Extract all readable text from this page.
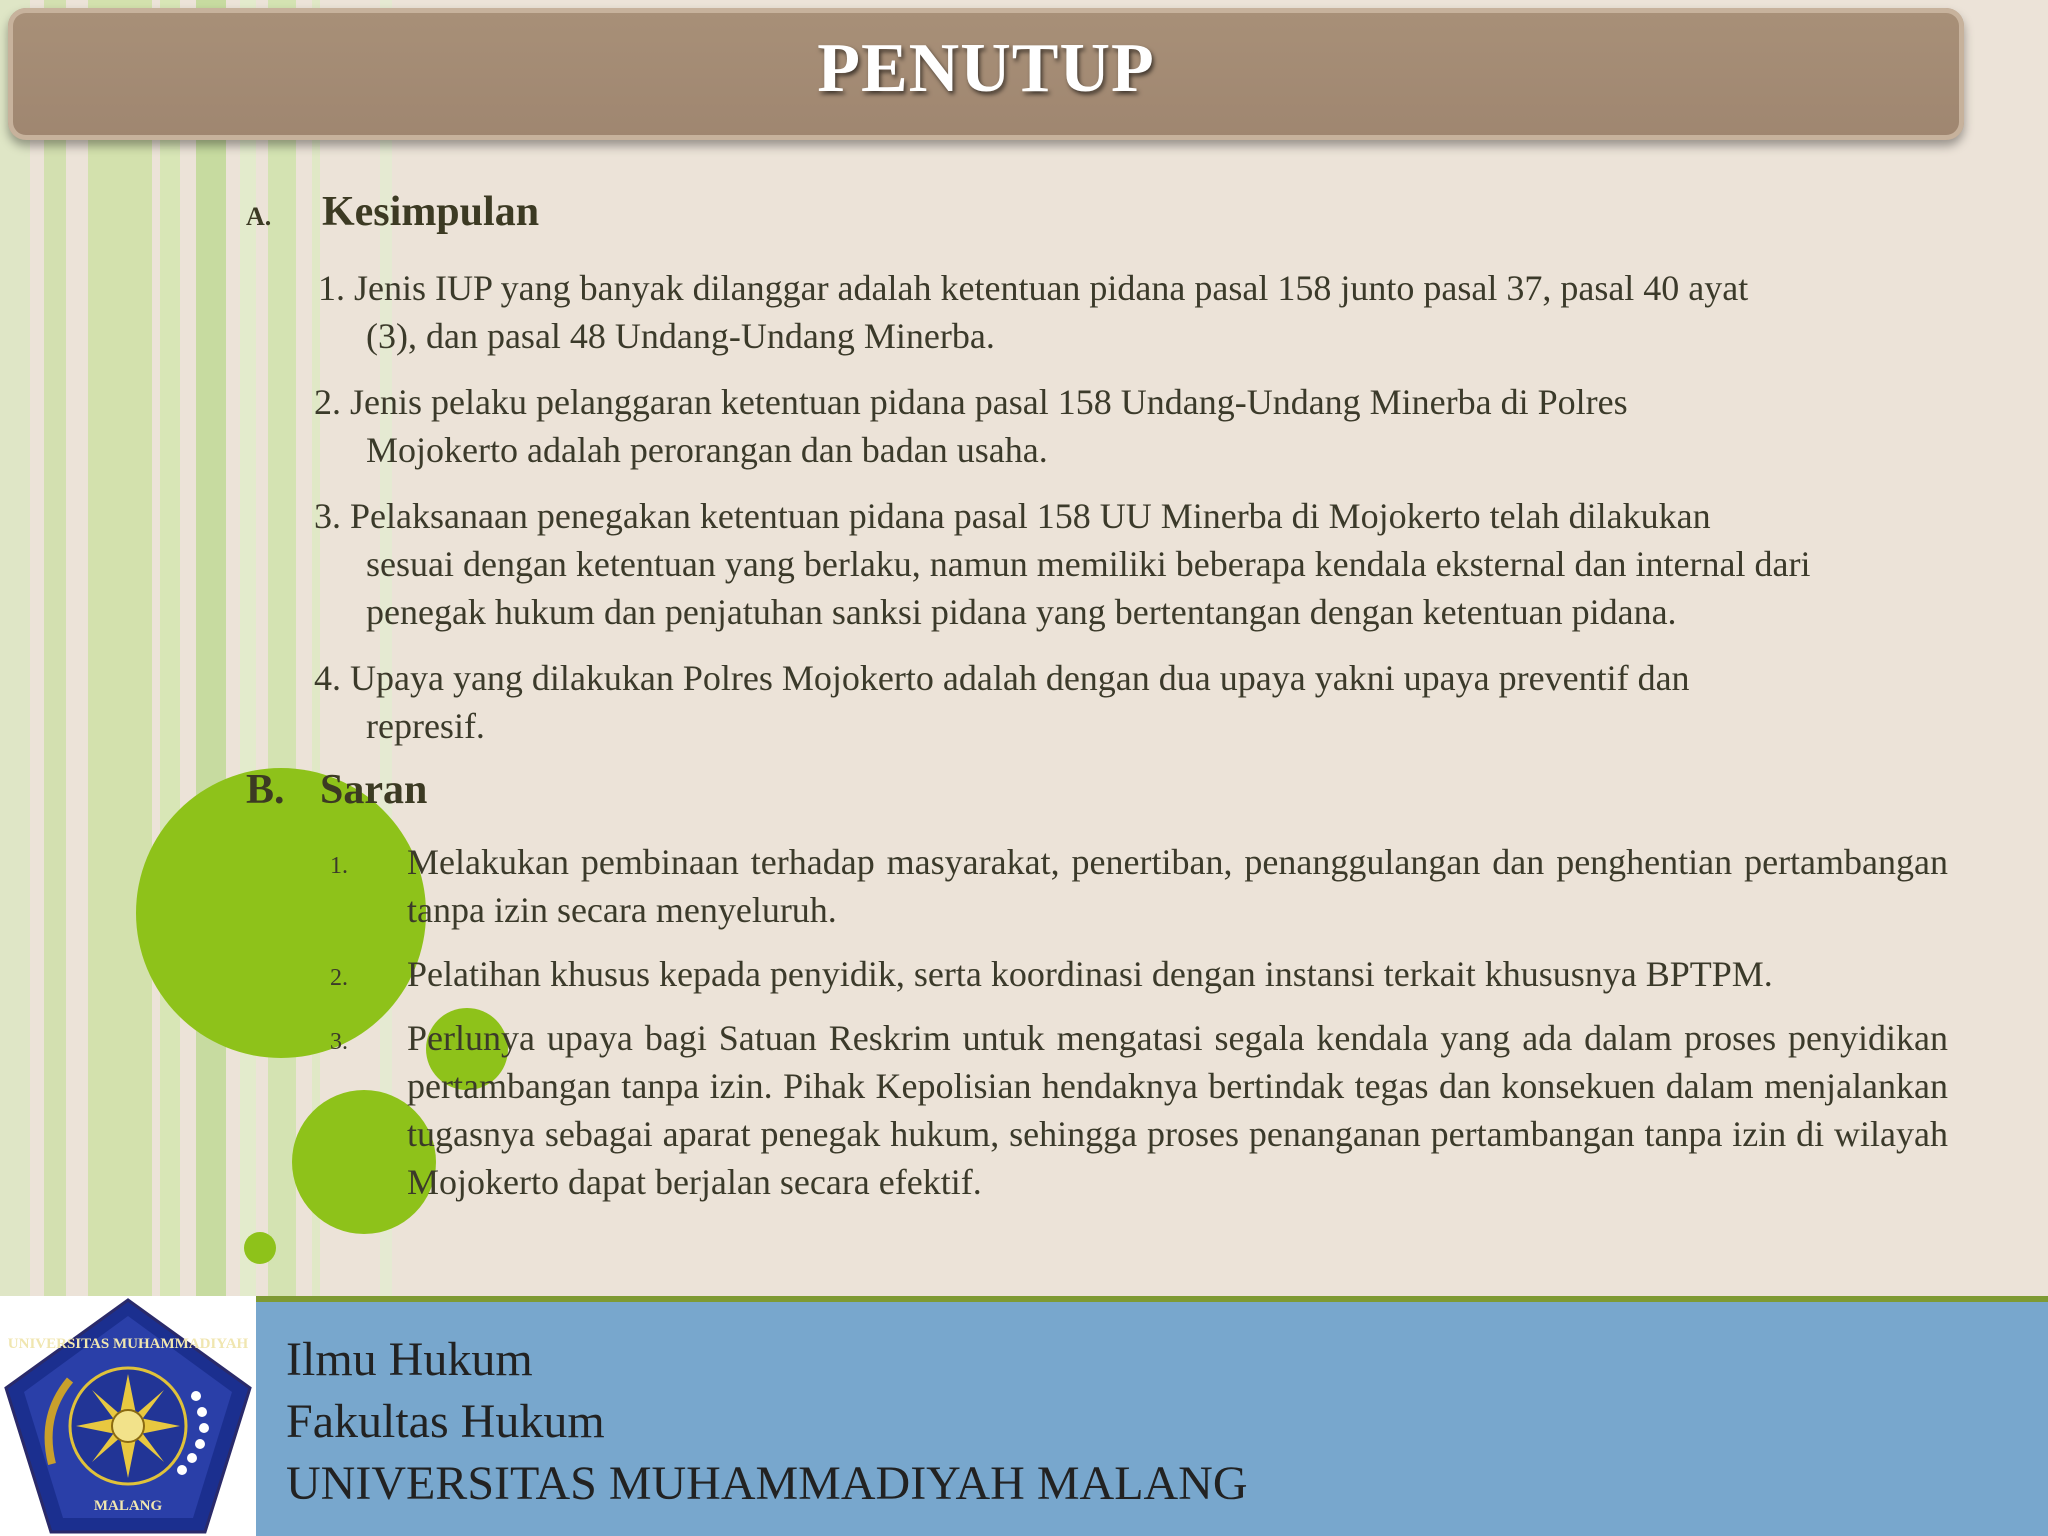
PENUTUP
A. Kesimpulan
1. Jenis IUP yang banyak dilanggar adalah ketentuan pidana pasal 158 junto pasal 37, pasal 40 ayat
(3), dan pasal 48 Undang-Undang Minerba.
2. Jenis pelaku pelanggaran ketentuan pidana pasal 158 Undang-Undang Minerba di Polres
Mojokerto adalah perorangan dan badan usaha.
3. Pelaksanaan penegakan ketentuan pidana pasal 158 UU Minerba di Mojokerto telah dilakukan
sesuai dengan ketentuan yang berlaku, namun memiliki beberapa kendala eksternal dan internal dari penegak hukum dan penjatuhan sanksi pidana yang bertentangan dengan ketentuan pidana.
4. Upaya yang dilakukan Polres Mojokerto adalah dengan dua upaya yakni upaya preventif dan
represif.
B. Saran
1. Melakukan pembinaan terhadap masyarakat, penertiban, penanggulangan dan penghentian pertambangan tanpa izin secara menyeluruh.
2. Pelatihan khusus kepada penyidik, serta koordinasi dengan instansi terkait khususnya BPTPM.
3. Perlunya upaya bagi Satuan Reskrim untuk mengatasi segala kendala yang ada dalam proses penyidikan pertambangan tanpa izin. Pihak Kepolisian hendaknya bertindak tegas dan konsekuen dalam menjalankan tugasnya sebagai aparat penegak hukum, sehingga proses penanganan pertambangan tanpa izin di wilayah Mojokerto dapat berjalan secara efektif.
UNIVERSITAS MUHAMMADIYAH
MALANG
Ilmu Hukum
Fakultas Hukum
UNIVERSITAS MUHAMMADIYAH MALANG
